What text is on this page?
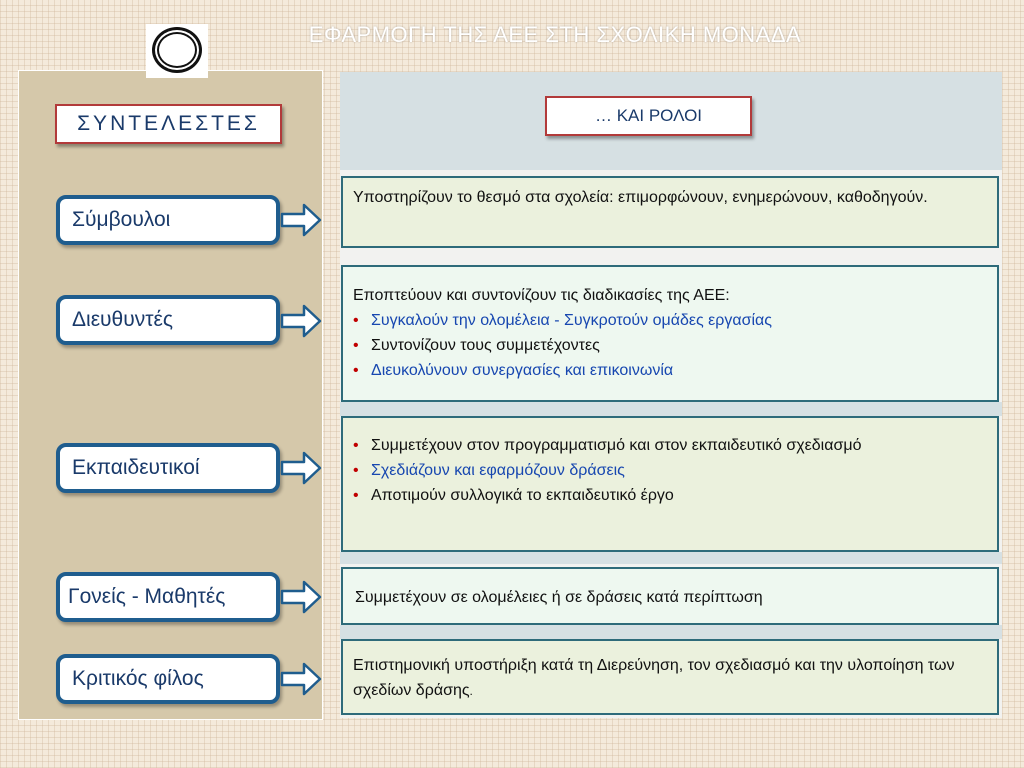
ΕΦΑΡΜΟΓΗ ΤΗΣ ΑΕΕ ΣΤΗ ΣΧΟΛΙΚΗ ΜΟΝΑΔΑ
ΣΥΝΤΕΛΕΣΤΕΣ	… ΚΑΙ ΡΟΛΟΙ
Σύμβουλοι
Υποστηρίζουν το θεσμό στα σχολεία: επιμορφώνουν, ενημερώνουν, καθοδηγούν.
Διευθυντές
Εποπτεύουν και συντονίζουν τις διαδικασίες της ΑΕΕ:
• Συγκαλούν την ολομέλεια - Συγκροτούν ομάδες εργασίας
• Συντονίζουν τους συμμετέχοντες
• Διευκολύνουν συνεργασίες και επικοινωνία
Εκπαιδευτικοί
• Συμμετέχουν στον προγραμματισμό και στον εκπαιδευτικό σχεδιασμό
• Σχεδιάζουν και εφαρμόζουν δράσεις
• Αποτιμούν συλλογικά το εκπαιδευτικό έργο
Γονείς - Μαθητές	Συμμετέχουν σε ολομέλειες ή σε δράσεις κατά περίπτωση
Κριτικός φίλος
Επιστημονική υποστήριξη κατά τη Διερεύνηση, τον σχεδιασμό και την υλοποίηση των σχεδίων δράσης.
